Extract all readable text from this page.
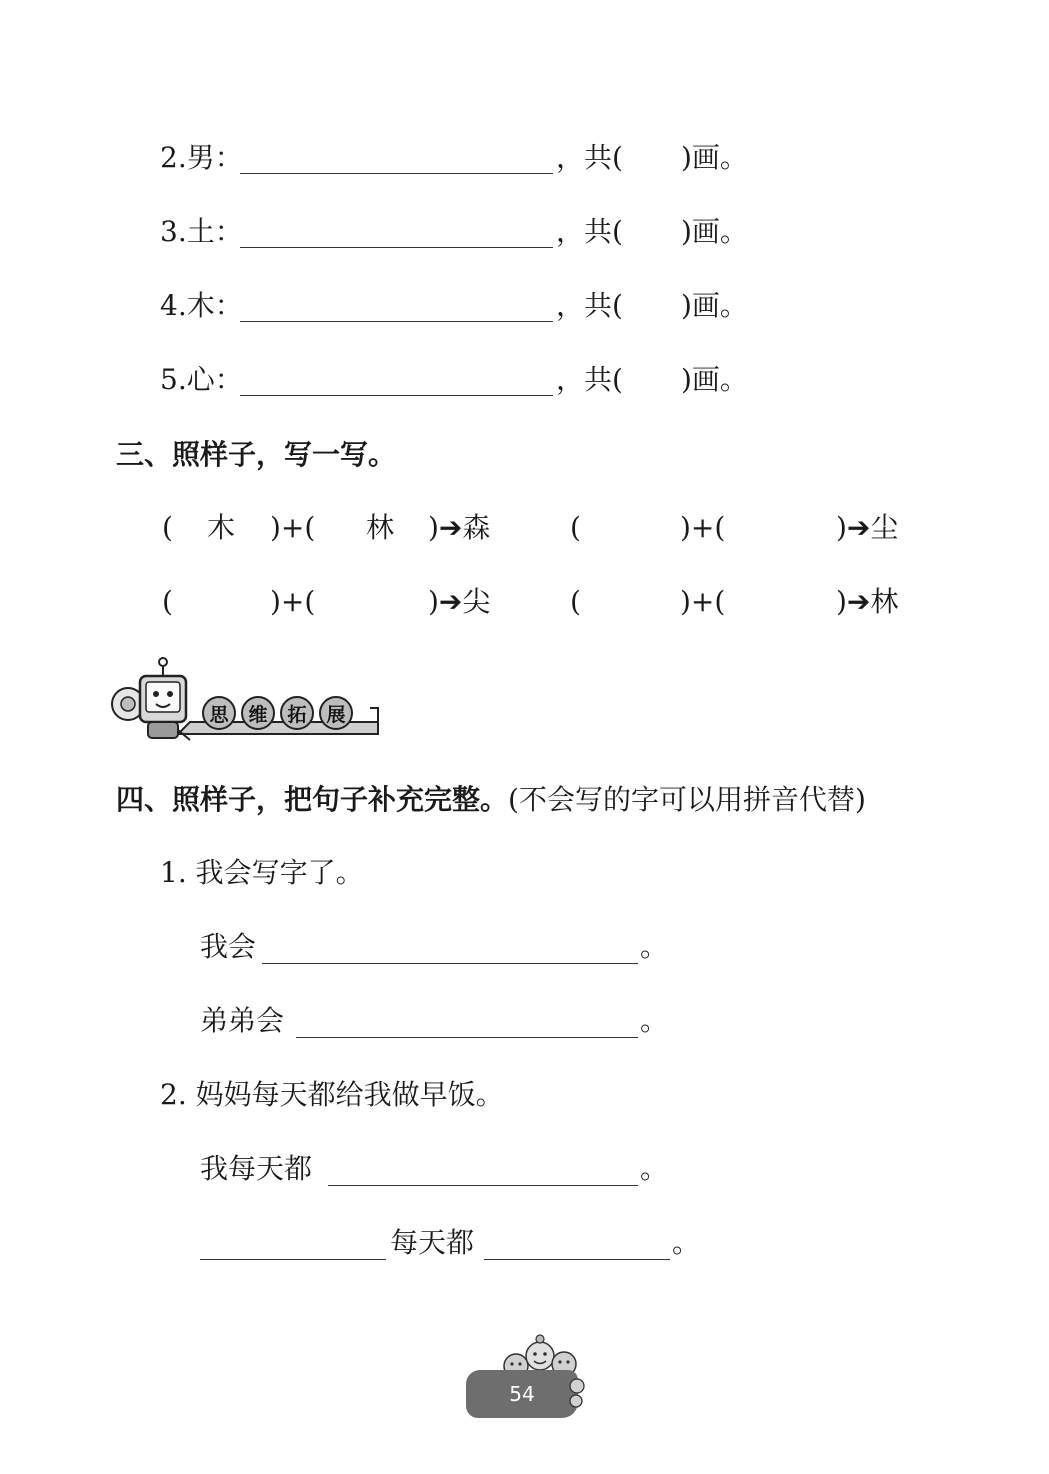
2.男：	，共( )画。
3.土：	，共( )画。
4.木：	，共( )画。
5.心：	，共( )画。
三、照样子，写一写。
( 木 )+( 林 )➔森	(	)+(	)➔尘
(	)+(	)➔尖	(	)+(	)➔林
思	维	拓	展
四、照样子，把句子补充完整。(不会写的字可以用拼音代替)
1. 我会写字了。
我会	。
弟弟会	。
2. 妈妈每天都给我做早饭。
我每天都	。
每天都	。
54
